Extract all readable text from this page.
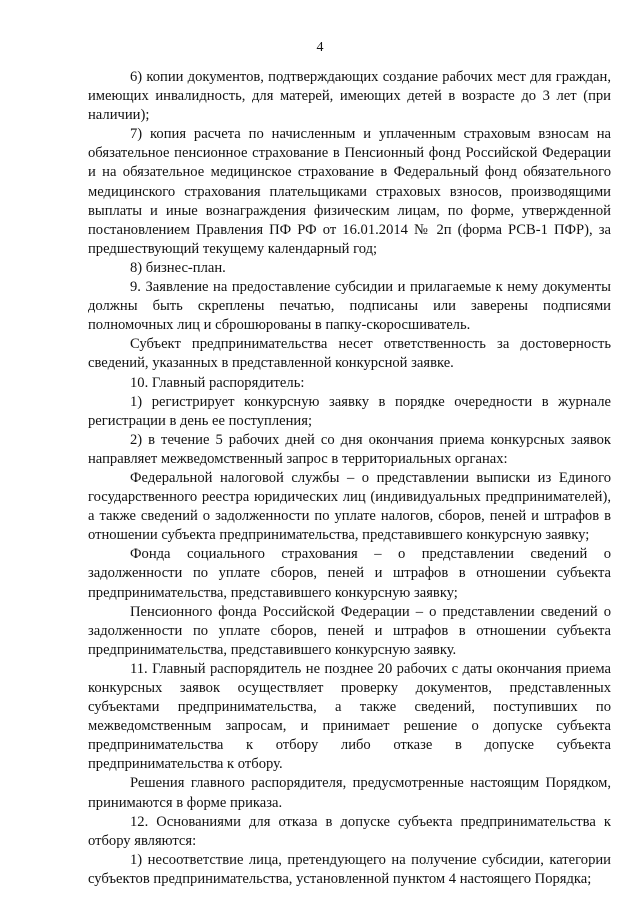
4

6) копии документов, подтверждающих создание рабочих мест для граждан, имеющих инвалидность, для матерей, имеющих детей в возрасте до 3 лет (при наличии);

7) копия расчета по начисленным и уплаченным страховым взносам на обязательное пенсионное страхование в Пенсионный фонд Российской Федерации и на обязательное медицинское страхование в Федеральный фонд обязательного медицинского страхования плательщиками страховых взносов, производящими выплаты и иные вознаграждения физическим лицам, по форме, утвержденной постановлением Правления ПФ РФ от 16.01.2014 № 2п (форма РСВ-1 ПФР), за предшествующий текущему календарный год;

8) бизнес-план.

9. Заявление на предоставление субсидии и прилагаемые к нему документы должны быть скреплены печатью, подписаны или заверены подписями полномочных лиц и сброшюрованы в папку-скоросшиватель.

Субъект предпринимательства несет ответственность за достоверность сведений, указанных в представленной конкурсной заявке.

10. Главный распорядитель:

1) регистрирует конкурсную заявку в порядке очередности в журнале регистрации в день ее поступления;

2) в течение 5 рабочих дней со дня окончания приема конкурсных заявок направляет межведомственный запрос в территориальных органах:

Федеральной налоговой службы – о представлении выписки из Единого государственного реестра юридических лиц (индивидуальных предпринимателей), а также сведений о задолженности по уплате налогов, сборов, пеней и штрафов в отношении субъекта предпринимательства, представившего конкурсную заявку;

Фонда социального страхования – о представлении сведений о задолженности по уплате сборов, пеней и штрафов в отношении субъекта предпринимательства, представившего конкурсную заявку;

Пенсионного фонда Российской Федерации – о представлении сведений о задолженности по уплате сборов, пеней и штрафов в отношении субъекта предпринимательства, представившего конкурсную заявку.

11. Главный распорядитель не позднее 20 рабочих с даты окончания приема конкурсных заявок осуществляет проверку документов, представленных субъектами предпринимательства, а также сведений, поступивших по межведомственным запросам, и принимает решение о допуске субъекта предпринимательства к отбору либо отказе в допуске субъекта предпринимательства к отбору.

Решения главного распорядителя, предусмотренные настоящим Порядком, принимаются в форме приказа.

12. Основаниями для отказа в допуске субъекта предпринимательства к отбору являются:

1) несоответствие лица, претендующего на получение субсидии, категории субъектов предпринимательства, установленной пунктом 4 настоящего Порядка;
